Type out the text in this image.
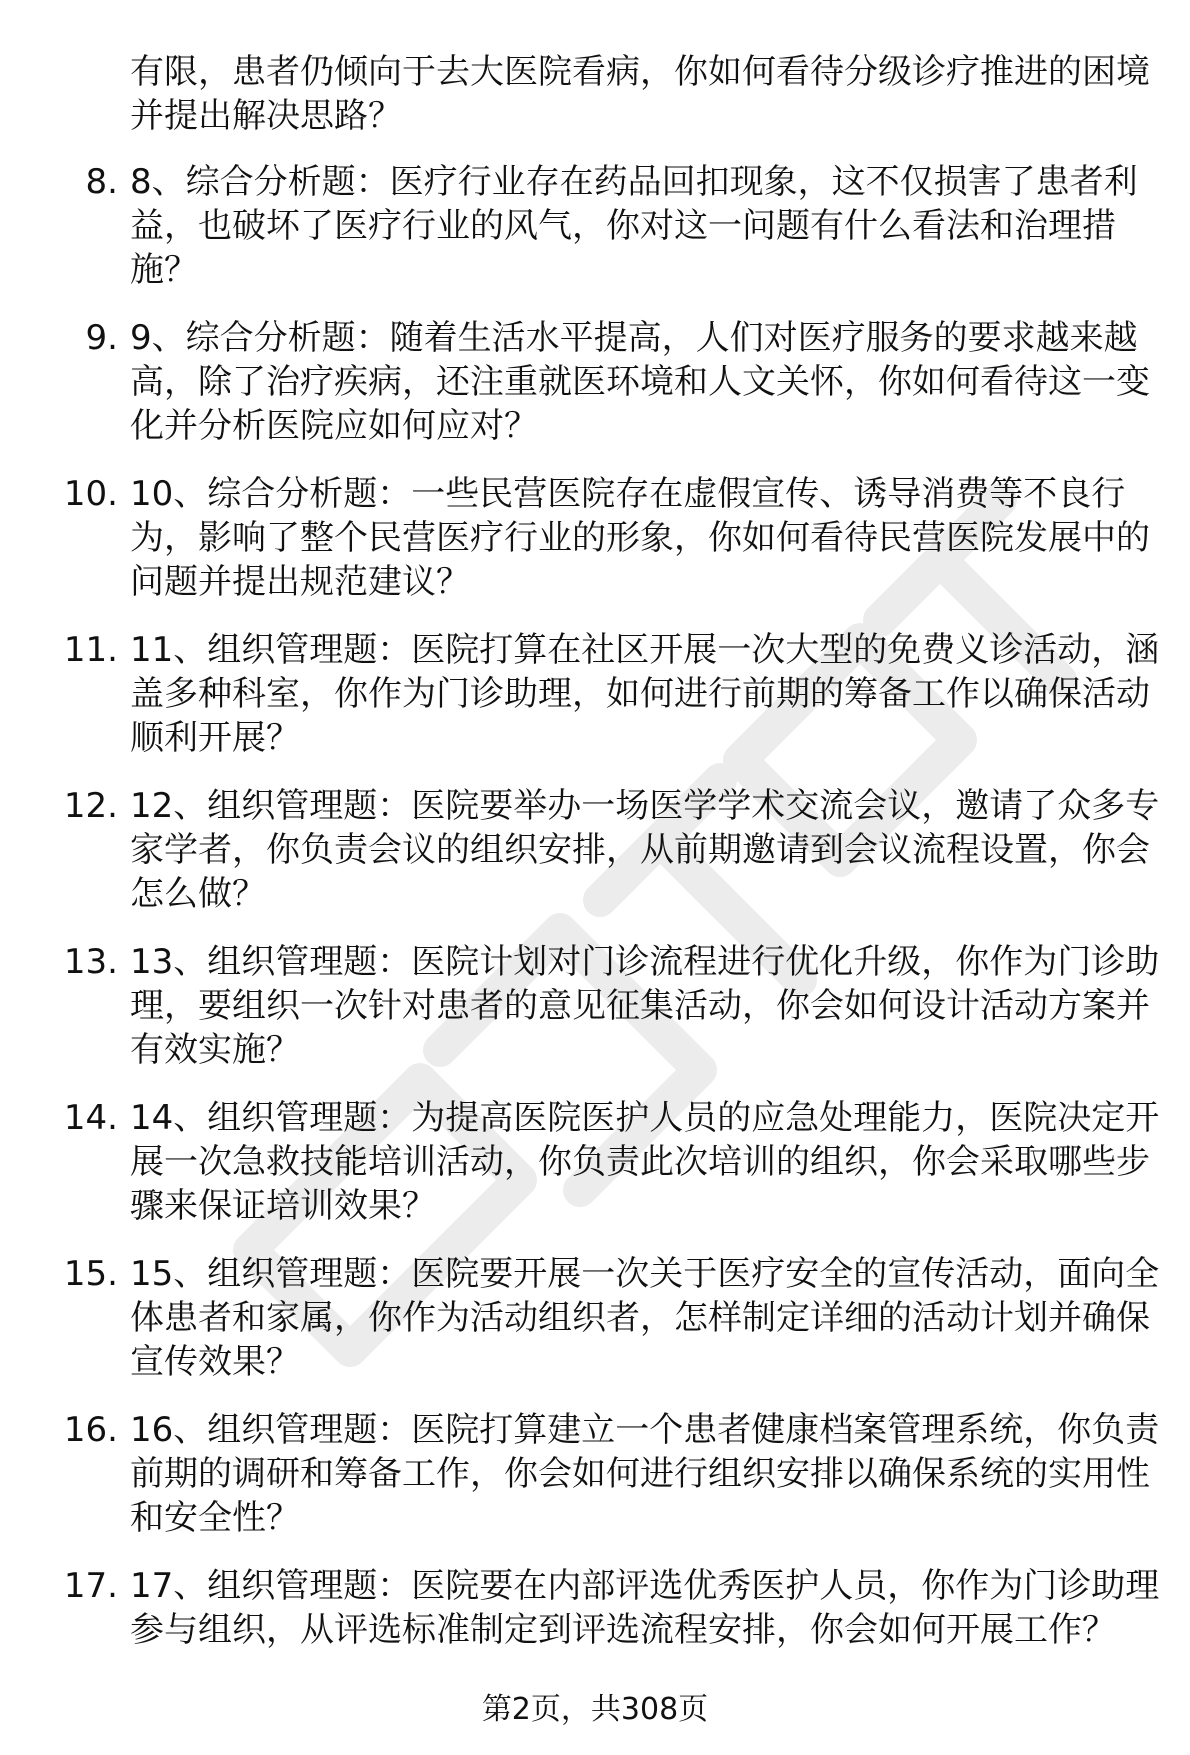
有限，患者仍倾向于去大医院看病，你如何看待分级诊疗推进的困境并提出解决思路？
8. 8、综合分析题：医疗行业存在药品回扣现象，这不仅损害了患者利益，也破坏了医疗行业的风气，你对这一问题有什么看法和治理措施？
9. 9、综合分析题：随着生活水平提高，人们对医疗服务的要求越来越高，除了治疗疾病，还注重就医环境和人文关怀，你如何看待这一变化并分析医院应如何应对？
10. 10、综合分析题：一些民营医院存在虚假宣传、诱导消费等不良行为，影响了整个民营医疗行业的形象，你如何看待民营医院发展中的问题并提出规范建议？
11. 11、组织管理题：医院打算在社区开展一次大型的免费义诊活动，涵盖多种科室，你作为门诊助理，如何进行前期的筹备工作以确保活动顺利开展？
12. 12、组织管理题：医院要举办一场医学学术交流会议，邀请了众多专家学者，你负责会议的组织安排，从前期邀请到会议流程设置，你会怎么做？
13. 13、组织管理题：医院计划对门诊流程进行优化升级，你作为门诊助理，要组织一次针对患者的意见征集活动，你会如何设计活动方案并有效实施？
14. 14、组织管理题：为提高医院医护人员的应急处理能力，医院决定开展一次急救技能培训活动，你负责此次培训的组织，你会采取哪些步骤来保证培训效果？
15. 15、组织管理题：医院要开展一次关于医疗安全的宣传活动，面向全体患者和家属，你作为活动组织者，怎样制定详细的活动计划并确保宣传效果？
16. 16、组织管理题：医院打算建立一个患者健康档案管理系统，你负责前期的调研和筹备工作，你会如何进行组织安排以确保系统的实用性和安全性？
17. 17、组织管理题：医院要在内部评选优秀医护人员，你作为门诊助理参与组织，从评选标准制定到评选流程安排，你会如何开展工作？
第2页，共308页
